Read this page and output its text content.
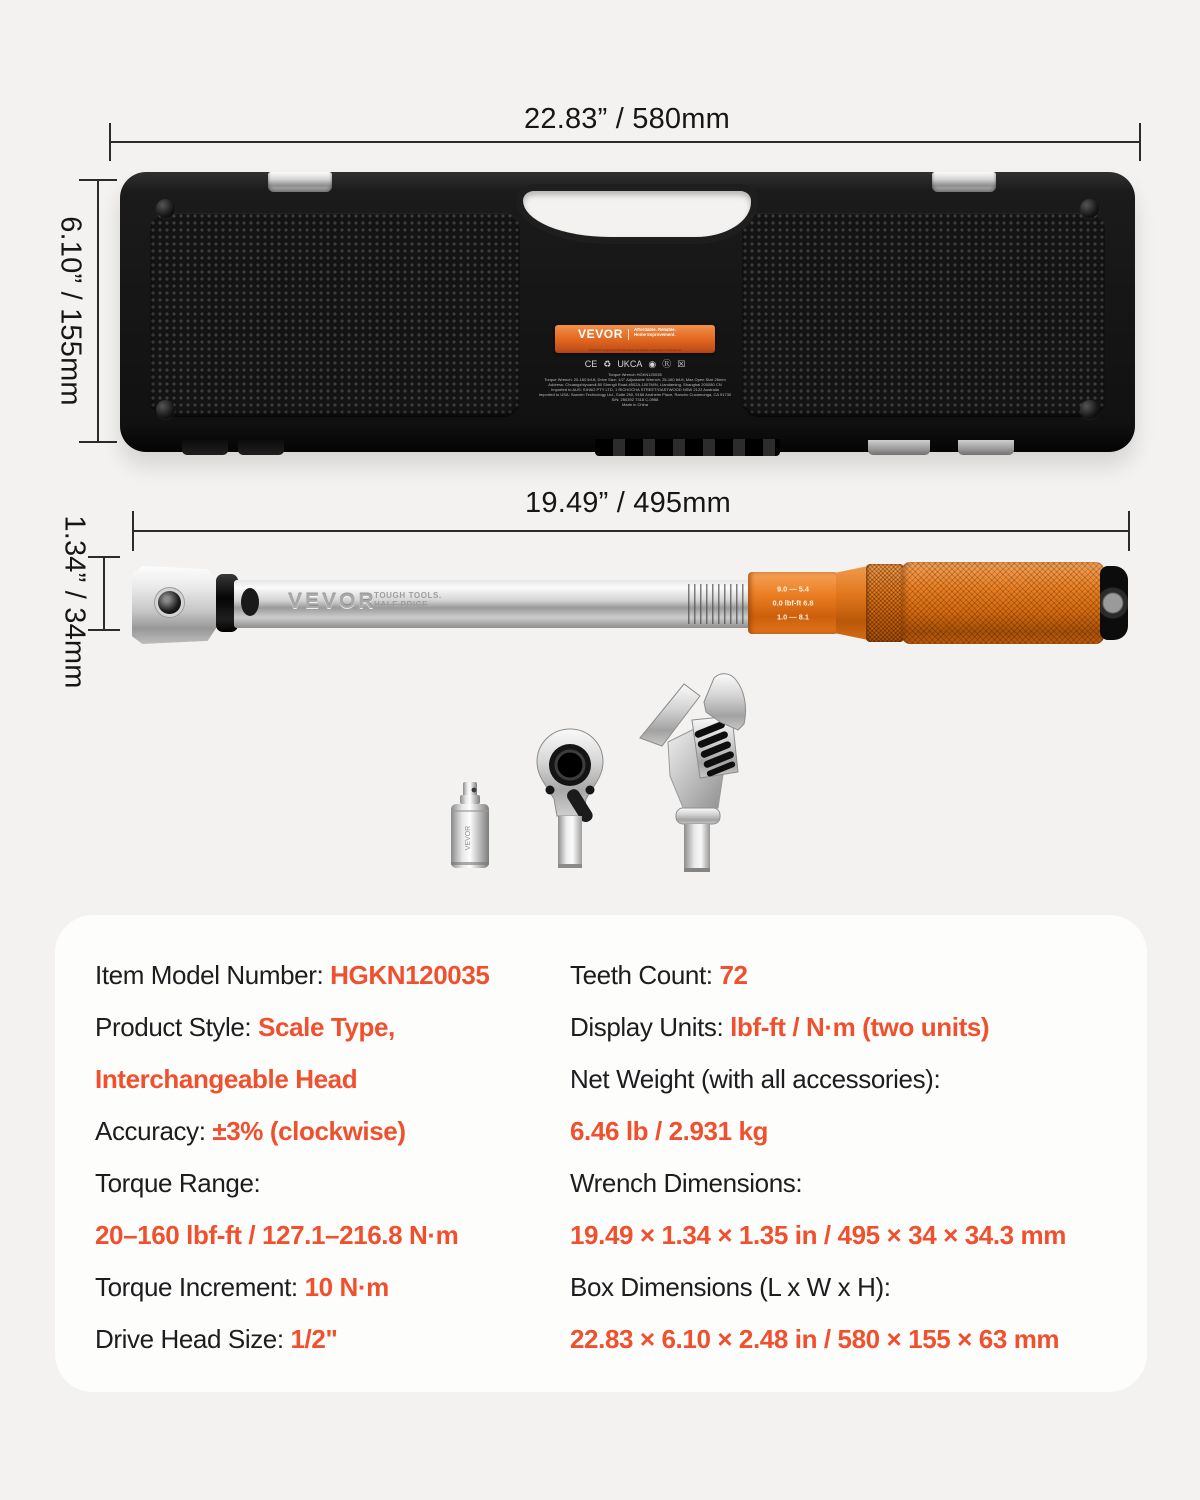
22.83” / 580mm
6.10” / 155mm	VEVOR Affordable. Reliable.
Home Improvement.
Technical Support and E-Warranty Certificate www.vevor.com/support
CE ♻ UKCA ◉ Ⓡ ☒
Torque Wrench HGKN120035
Torque Wrench: 20-160 lbf-ft, Drive Size: 1/2" Adjustable Wrench: 25-160 lbf-ft, Max Open Size 26mm
Address: Chuangzhiyuandi 80 Shengli Road #502A-1007M/N, Liandaming, Shanghai 200080 CN
Imported to AUS: SIHAO PTY LTD, 1 RICHOCHA STREET/OASTWOOD NSW 2122 Australia
Imported to USA: Sanven Technology Ltd., Suite 250, 9166 Anaheim Place, Rancho Cucamonga, CA 91730
S/N: 250392 7318 C-0958
Made in China
19.49” / 495mm
1.34” / 34mm	VEVOR
TOUGH TOOLS.
HALF PRICE
9.0 — 5.4
0.0 lbf-ft 6.8
1.0 — 8.1
VEVOR
Item Model Number: HGKN120035
Product Style: Scale Type,
Interchangeable Head
Accuracy: ±3% (clockwise)
Torque Range:
20–160 lbf-ft / 127.1–216.8 N·m
Torque Increment: 10 N·m
Drive Head Size: 1/2"
Teeth Count: 72
Display Units: lbf-ft / N·m (two units)
Net Weight (with all accessories):
6.46 lb / 2.931 kg
Wrench Dimensions:
19.49 × 1.34 × 1.35 in / 495 × 34 × 34.3 mm
Box Dimensions (L x W x H):
22.83 × 6.10 × 2.48 in / 580 × 155 × 63 mm
